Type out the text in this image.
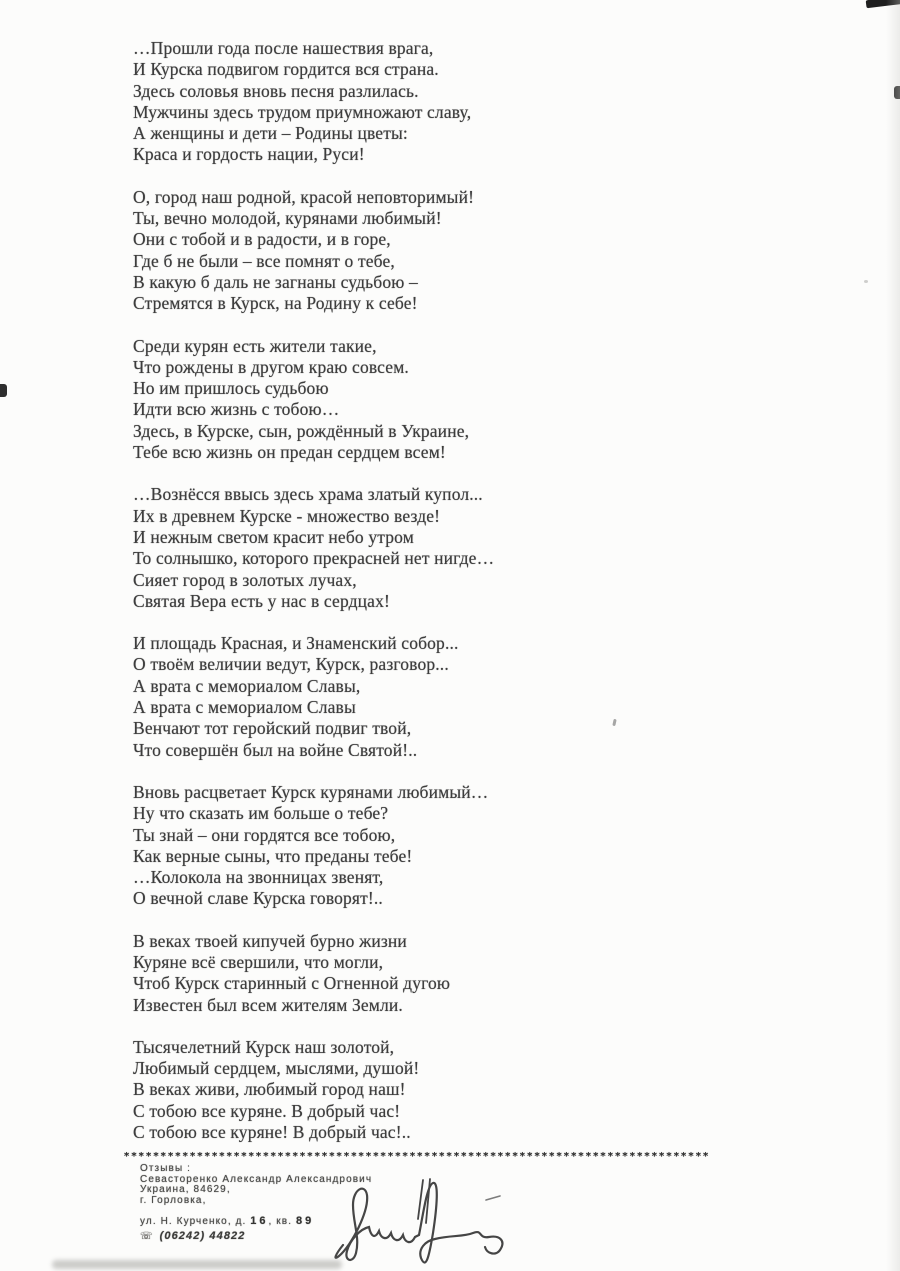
…Прошли года после нашествия врага,
И Курска подвигом гордится вся страна.
Здесь соловья вновь песня разлилась.
Мужчины здесь трудом приумножают славу,
А женщины и дети – Родины цветы:
Краса и гордость нации, Руси!
О, город наш родной, красой неповторимый!
Ты, вечно молодой, курянами любимый!
Они с тобой и в радости, и в горе,
Где б не были – все помнят о тебе,
В какую б даль не загнаны судьбою –
Стремятся в Курск, на Родину к себе!
Среди курян есть жители такие,
Что рождены в другом краю совсем.
Но им пришлось судьбою
Идти всю жизнь с тобою…
Здесь, в Курске, сын, рождённый в Украине,
Тебе всю жизнь он предан сердцем всем!
…Вознёсся ввысь здесь храма златый купол...
Их в древнем Курске - множество везде!
И нежным светом красит небо утром
То солнышко, которого прекрасней нет нигде…
Сияет город в золотых лучах,
Святая Вера есть у нас в сердцах!
И площадь Красная, и Знаменский собор...
О твоём величии ведут, Курск, разговор...
А врата с мемориалом Славы,
А врата с мемориалом Славы
Венчают тот геройский подвиг твой,
Что совершён был на войне Святой!..
Вновь расцветает Курск курянами любимый…
Ну что сказать им больше о тебе?
Ты знай – они гордятся все тобою,
Как верные сыны, что преданы тебе!
…Колокола на звонницах звенят,
О вечной славе Курска говорят!..
В веках твоей кипучей бурно жизни
Куряне всё свершили, что могли,
Чтоб Курск старинный с Огненной дугою
Известен был всем жителям Земли.
Тысячелетний Курск наш золотой,
Любимый сердцем, мыслями, душой!
В веках живи, любимый город наш!
С тобою все куряне. В добрый час!
С тобою все куряне! В добрый час!..
********************************************************************************
Отзывы :
Севасторенко Александр Александрович
Украина, 84629,
г. Горловка,
ул. Н. Курченко, д. 16, кв. 89
☏ (06242) 44822
